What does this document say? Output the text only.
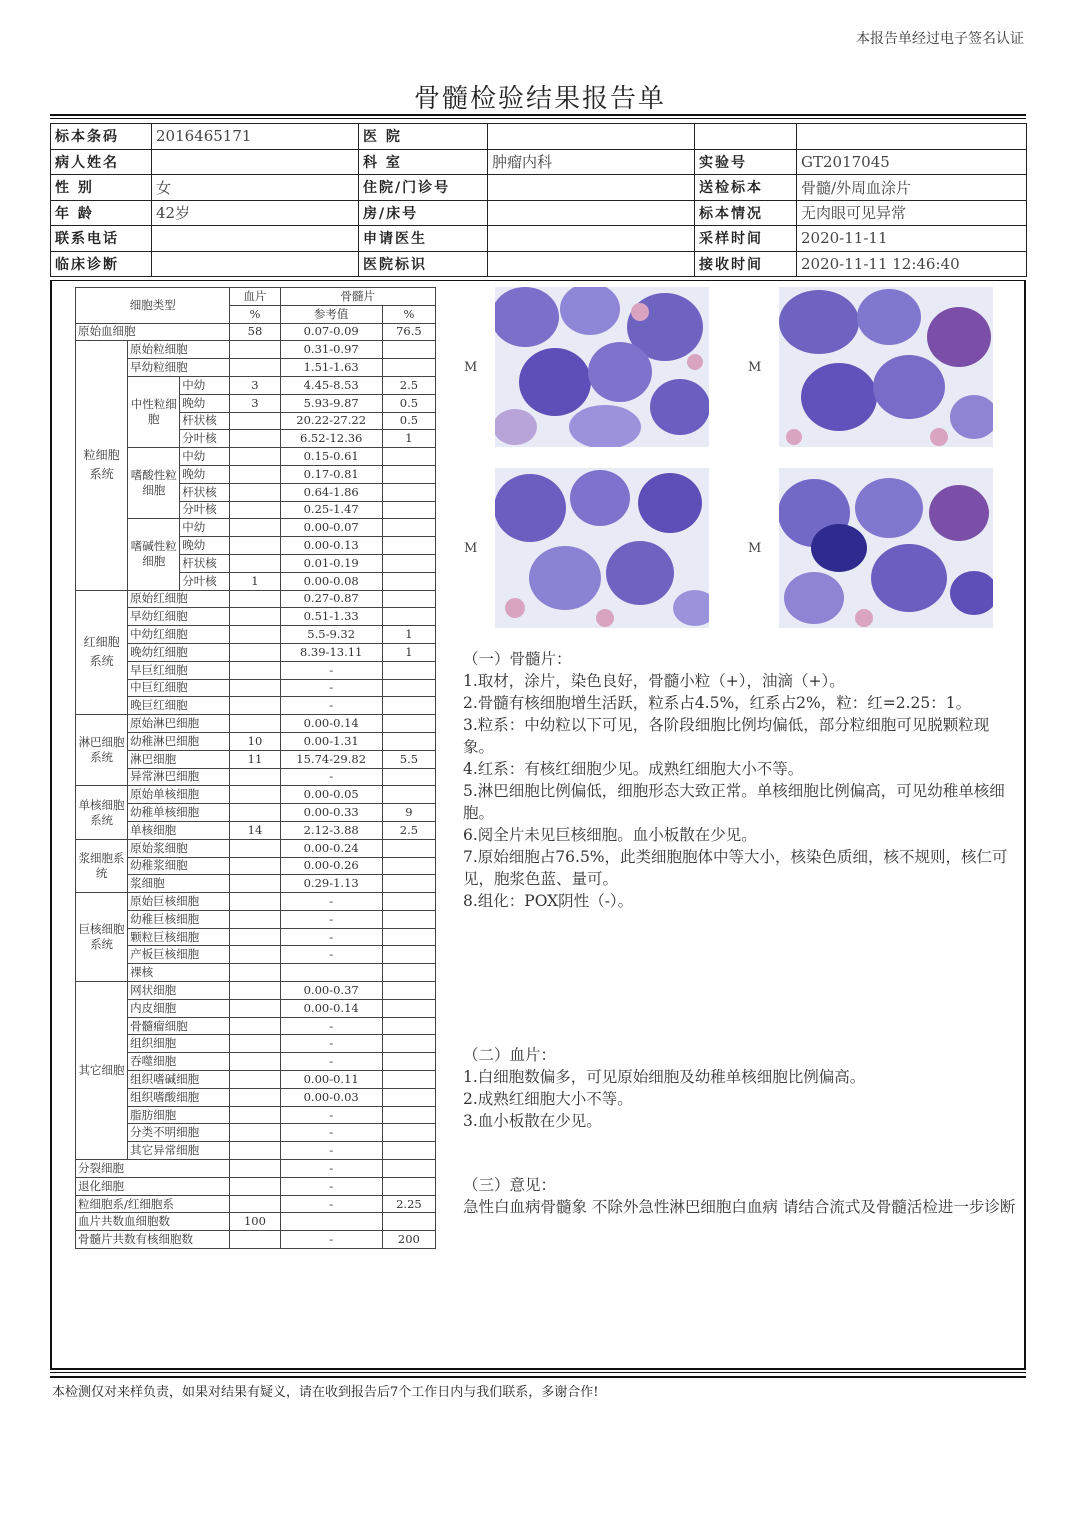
本报告单经过电子签名认证
骨髓检验结果报告单
标本条码	2016465171	医 院			
病人姓名		科 室	肿瘤内科	实验号	GT2017045
性 别	女	住院/门诊号		送检标本	骨髓/外周血涂片
年 龄	42岁	房/床号		标本情况	无肉眼可见异常
联系电话		申请医生		采样时间	2020-11-11
临床诊断		医院标识		接收时间	2020-11-11 12:46:40
细胞类型			血片	骨髓片	
			%	参考值	%
原始血细胞			58	0.07-0.09	76.5
粒细胞系统	原始粒细胞			0.31-0.97	
	早幼粒细胞			1.51-1.63	
	中性粒细胞	中幼	3	4.45-8.53	2.5
		晚幼	3	5.93-9.87	0.5
		杆状核		20.22-27.22	0.5
		分叶核		6.52-12.36	1
	嗜酸性粒细胞	中幼		0.15-0.61	
		晚幼		0.17-0.81	
		杆状核		0.64-1.86	
		分叶核		0.25-1.47	
	嗜碱性粒细胞	中幼		0.00-0.07	
		晚幼		0.00-0.13	
		杆状核		0.01-0.19	
		分叶核	1	0.00-0.08	
红细胞系统	原始红细胞			0.27-0.87	
	早幼红细胞			0.51-1.33	
	中幼红细胞			5.5-9.32	1
	晚幼红细胞			8.39-13.11	1
	早巨红细胞			-	
	中巨红细胞			-	
	晚巨红细胞			-	
淋巴细胞系统	原始淋巴细胞			0.00-0.14	
	幼稚淋巴细胞		10	0.00-1.31	
	淋巴细胞		11	15.74-29.82	5.5
	异常淋巴细胞			-	
单核细胞系统	原始单核细胞			0.00-0.05	
	幼稚单核细胞			0.00-0.33	9
	单核细胞		14	2.12-3.88	2.5
浆细胞系统	原始浆细胞			0.00-0.24	
	幼稚浆细胞			0.00-0.26	
	浆细胞			0.29-1.13	
巨核细胞系统	原始巨核细胞			-	
	幼稚巨核细胞			-	
	颗粒巨核细胞			-	
	产板巨核细胞			-	
	裸核				
其它细胞	网状细胞			0.00-0.37	
	内皮细胞			0.00-0.14	
	骨髓瘤细胞			-	
	组织细胞			-	
	吞噬细胞			-	
	组织嗜碱细胞			0.00-0.11	
	组织嗜酸细胞			0.00-0.03	
	脂肪细胞			-	
	分类不明细胞			-	
	其它异常细胞			-	
分裂细胞				-	
退化细胞				-	
粒细胞系/红细胞系				-	2.25
血片共数血细胞数			100		
骨髓片共数有核细胞数				-	200
M	M
M	M

（一）骨髓片：

1.取材，涂片，染色良好，骨髓小粒（+），油滴（+）。

2.骨髓有核细胞增生活跃，粒系占4.5%，红系占2%，粒：红=2.25：1。

3.粒系：中幼粒以下可见，各阶段细胞比例均偏低，部分粒细胞可见脱颗粒现象。

4.红系：有核红细胞少见。成熟红细胞大小不等。

5.淋巴细胞比例偏低，细胞形态大致正常。单核细胞比例偏高，可见幼稚单核细胞。

6.阅全片未见巨核细胞。血小板散在少见。

7.原始细胞占76.5%，此类细胞胞体中等大小，核染色质细，核不规则，核仁可见，胞浆色蓝、量可。

8.组化：POX阴性（-）。

（二）血片：

1.白细胞数偏多，可见原始细胞及幼稚单核细胞比例偏高。

2.成熟红细胞大小不等。

3.血小板散在少见。

（三）意见：

急性白血病骨髓象 不除外急性淋巴细胞白血病 请结合流式及骨髓活检进一步诊断

本检测仅对来样负责，如果对结果有疑义，请在收到报告后7个工作日内与我们联系，多谢合作!
